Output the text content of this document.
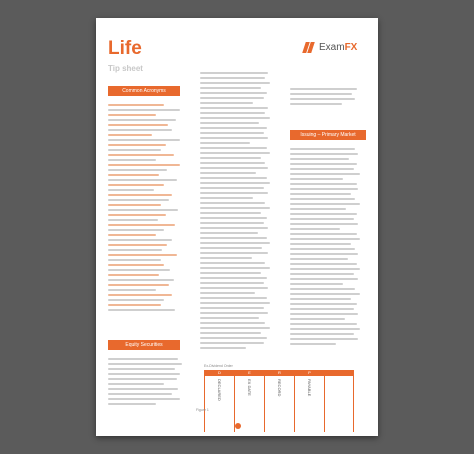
Life
Tip sheet
ExamFX
Common Acronyms
Equity Securities
Ex-Dividend Order
D
DECLARED
E
EX DATE
R
RECORD
P
PAYABLE
Figure 1
Issuing – Primary Market
